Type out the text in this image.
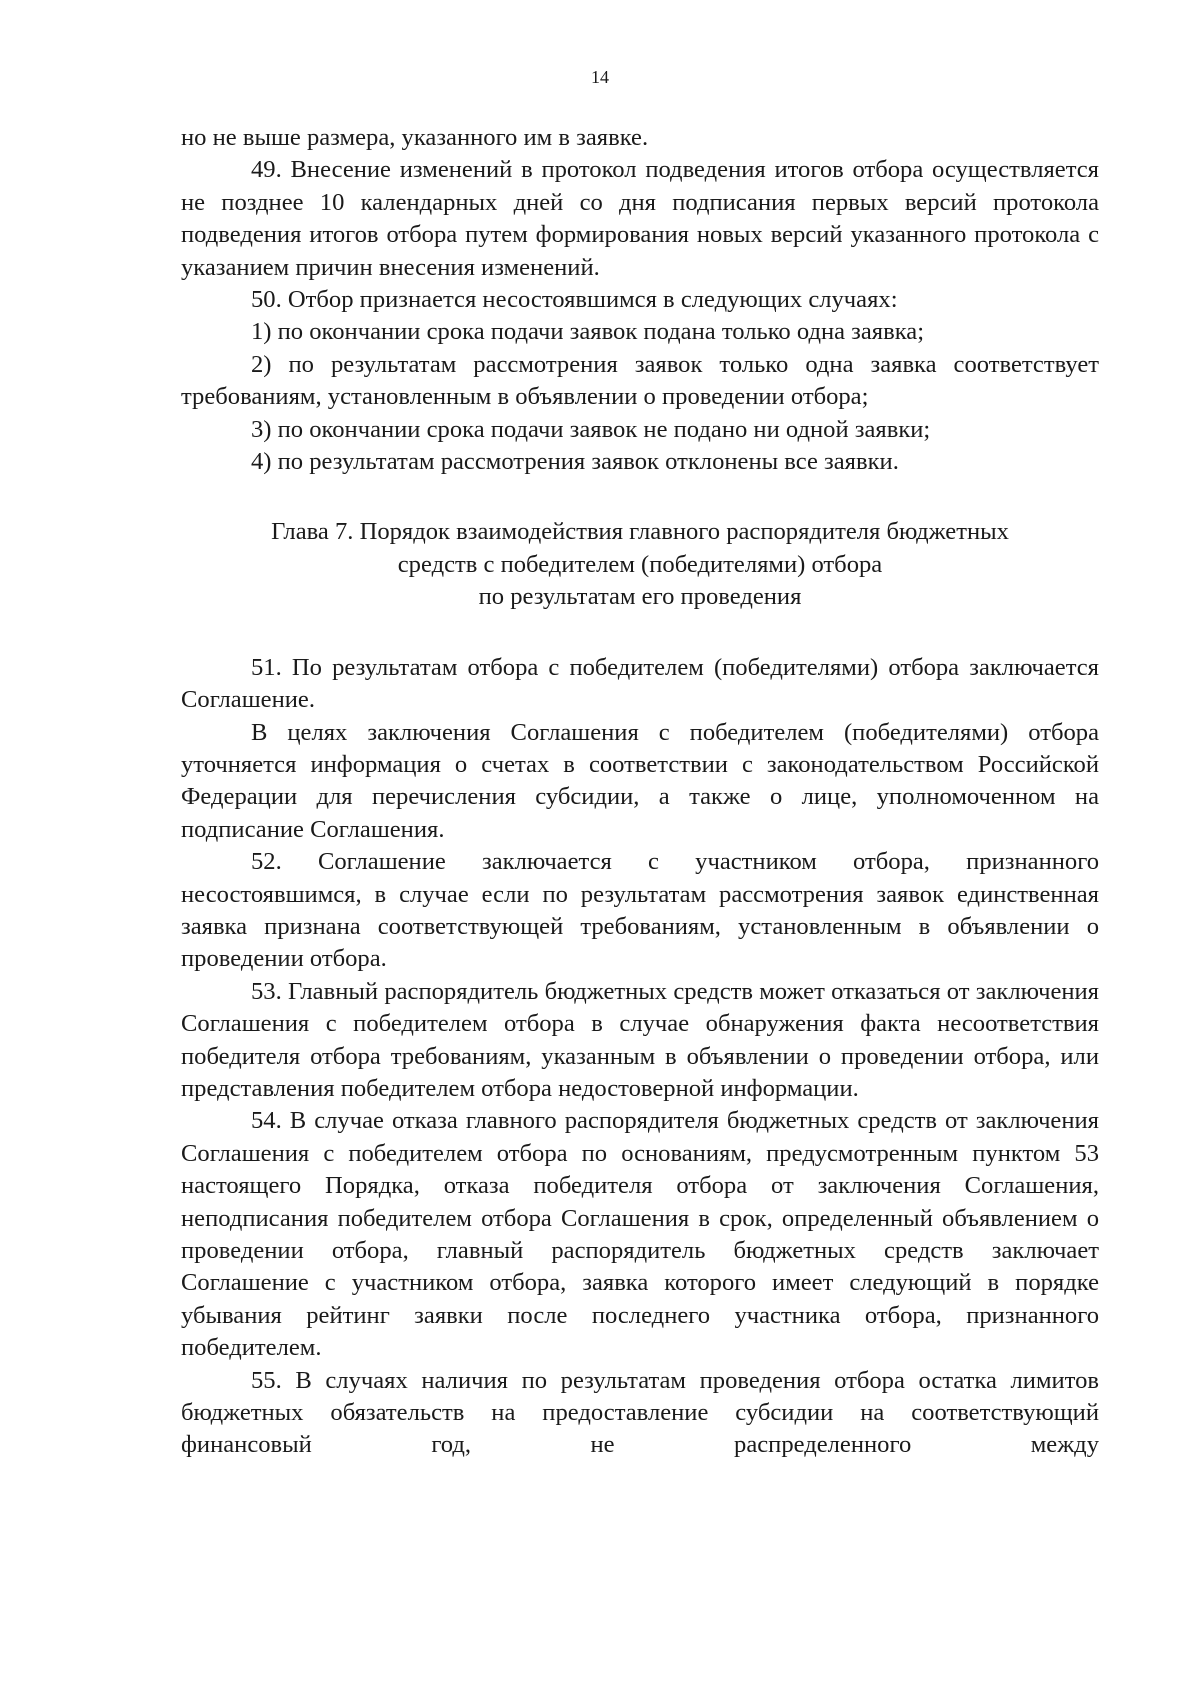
14

но не выше размера, указанного им в заявке.

49. Внесение изменений в протокол подведения итогов отбора осуществляется не позднее 10 календарных дней со дня подписания первых версий протокола подведения итогов отбора путем формирования новых версий указанного протокола с указанием причин внесения изменений.

50. Отбор признается несостоявшимся в следующих случаях:

1) по окончании срока подачи заявок подана только одна заявка;

2) по результатам рассмотрения заявок только одна заявка соответствует требованиям, установленным в объявлении о проведении отбора;

3) по окончании срока подачи заявок не подано ни одной заявки;

4) по результатам рассмотрения заявок отклонены все заявки.

Глава 7. Порядок взаимодействия главного распорядителя бюджетных
средств с победителем (победителями) отбора
по результатам его проведения

51. По результатам отбора с победителем (победителями) отбора заключается Соглашение.

В целях заключения Соглашения с победителем (победителями) отбора уточняется информация о счетах в соответствии с законодательством Российской Федерации для перечисления субсидии, а также о лице, уполномоченном на подписание Соглашения.

52. Соглашение заключается с участником отбора, признанного несостоявшимся, в случае если по результатам рассмотрения заявок единственная заявка признана соответствующей требованиям, установленным в объявлении о проведении отбора.

53. Главный распорядитель бюджетных средств может отказаться от заключения Соглашения с победителем отбора в случае обнаружения факта несоответствия победителя отбора требованиям, указанным в объявлении о проведении отбора, или представления победителем отбора недостоверной информации.

54. В случае отказа главного распорядителя бюджетных средств от заключения Соглашения с победителем отбора по основаниям, предусмотренным пунктом 53 настоящего Порядка, отказа победителя отбора от заключения Соглашения, неподписания победителем отбора Соглашения в срок, определенный объявлением о проведении отбора, главный распорядитель бюджетных средств заключает Соглашение с участником отбора, заявка которого имеет следующий в порядке убывания рейтинг заявки после последнего участника отбора, признанного победителем.

55. В случаях наличия по результатам проведения отбора остатка лимитов бюджетных обязательств на предоставление субсидии на соответствующий финансовый год, не распределенного между
